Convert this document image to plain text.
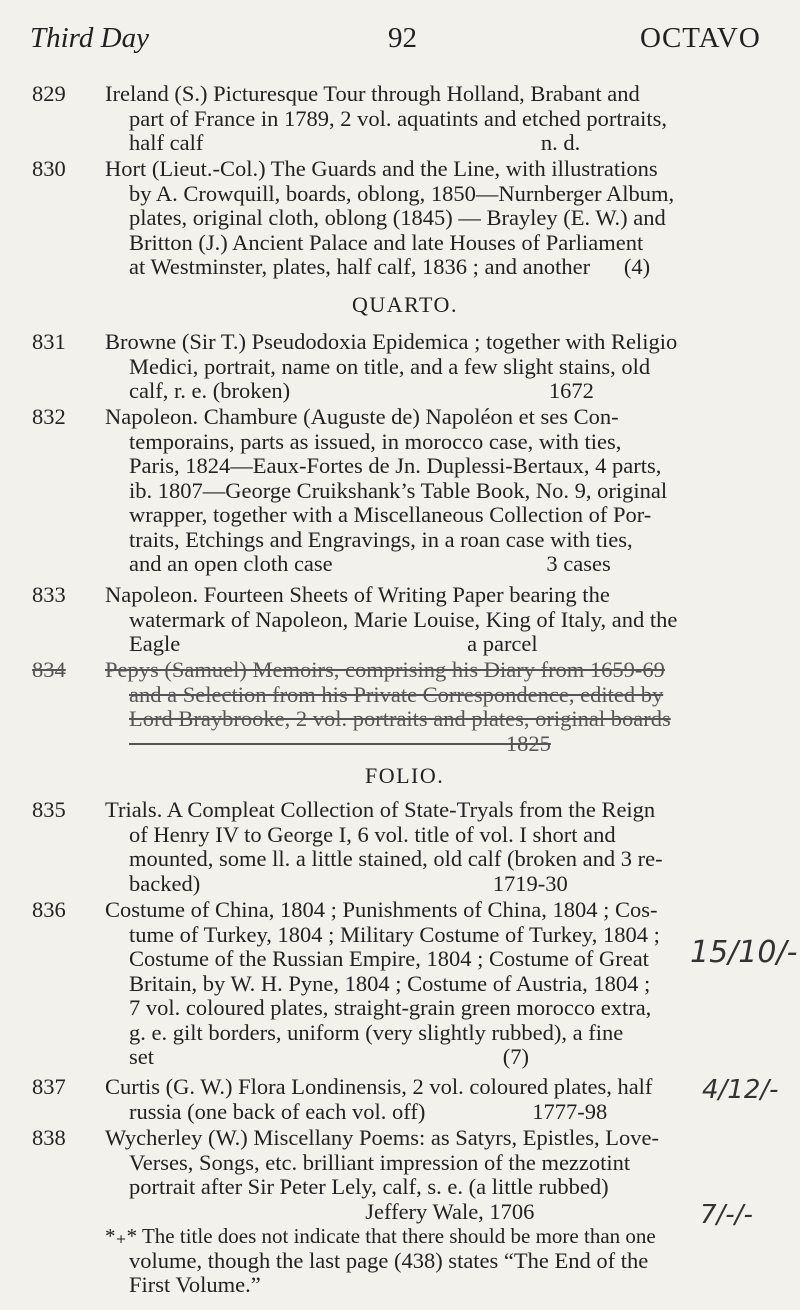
Third Day	92	OCTAVO
829 Ireland (S.) Picturesque Tour through Holland, Brabant and
part of France in 1789, 2 vol. aquatints and etched portraits,
half calf                                                            n. d.
830 Hort (Lieut.-Col.) The Guards and the Line, with illustrations
by A. Crowquill, boards, oblong, 1850—Nurnberger Album,
plates, original cloth, oblong (1845) — Brayley (E. W.) and
Britton (J.) Ancient Palace and late Houses of Parliament
at Westminster, plates, half calf, 1836 ; and another      (4)
QUARTO.
831 Browne (Sir T.) Pseudodoxia Epidemica ; together with Religio
Medici, portrait, name on title, and a few slight stains, old
calf, r. e. (broken)                                              1672
832 Napoleon. Chambure (Auguste de) Napoléon et ses Con-
temporains, parts as issued, in morocco case, with ties,
Paris, 1824—Eaux-Fortes de Jn. Duplessi-Bertaux, 4 parts,
ib. 1807—George Cruikshank’s Table Book, No. 9, original
wrapper, together with a Miscellaneous Collection of Por-
traits, Etchings and Engravings, in a roan case with ties,
and an open cloth case                                      3 cases
833 Napoleon. Fourteen Sheets of Writing Paper bearing the
watermark of Napoleon, Marie Louise, King of Italy, and the
Eagle                                                   a parcel
834 Pepys (Samuel) Memoirs, comprising his Diary from 1659-69
and a Selection from his Private Correspondence, edited by
Lord Braybrooke, 2 vol. portraits and plates, original boards
1825
FOLIO.
835 Trials. A Compleat Collection of State-Tryals from the Reign
of Henry IV to George I, 6 vol. title of vol. I short and
mounted, some ll. a little stained, old calf (broken and 3 re-
backed)                                                    1719-30
836 Costume of China, 1804 ; Punishments of China, 1804 ; Cos-
tume of Turkey, 1804 ; Military Costume of Turkey, 1804 ;
Costume of the Russian Empire, 1804 ; Costume of Great
Britain, by W. H. Pyne, 1804 ; Costume of Austria, 1804 ;
7 vol. coloured plates, straight-grain green morocco extra,
g. e. gilt borders, uniform (very slightly rubbed), a fine
set                                                              (7)
837 Curtis (G. W.) Flora Londinensis, 2 vol. coloured plates, half
russia (one back of each vol. off)                   1777-98
838 Wycherley (W.) Miscellany Poems: as Satyrs, Epistles, Love-
Verses, Songs, etc. brilliant impression of the mezzotint
portrait after Sir Peter Lely, calf, s. e. (a little rubbed)
Jeffery Wale, 1706
*₊* The title does not indicate that there should be more than one
volume, though the last page (438) states “The End of the
First Volume.”
15/10/-
4/12/-
7/-/-
